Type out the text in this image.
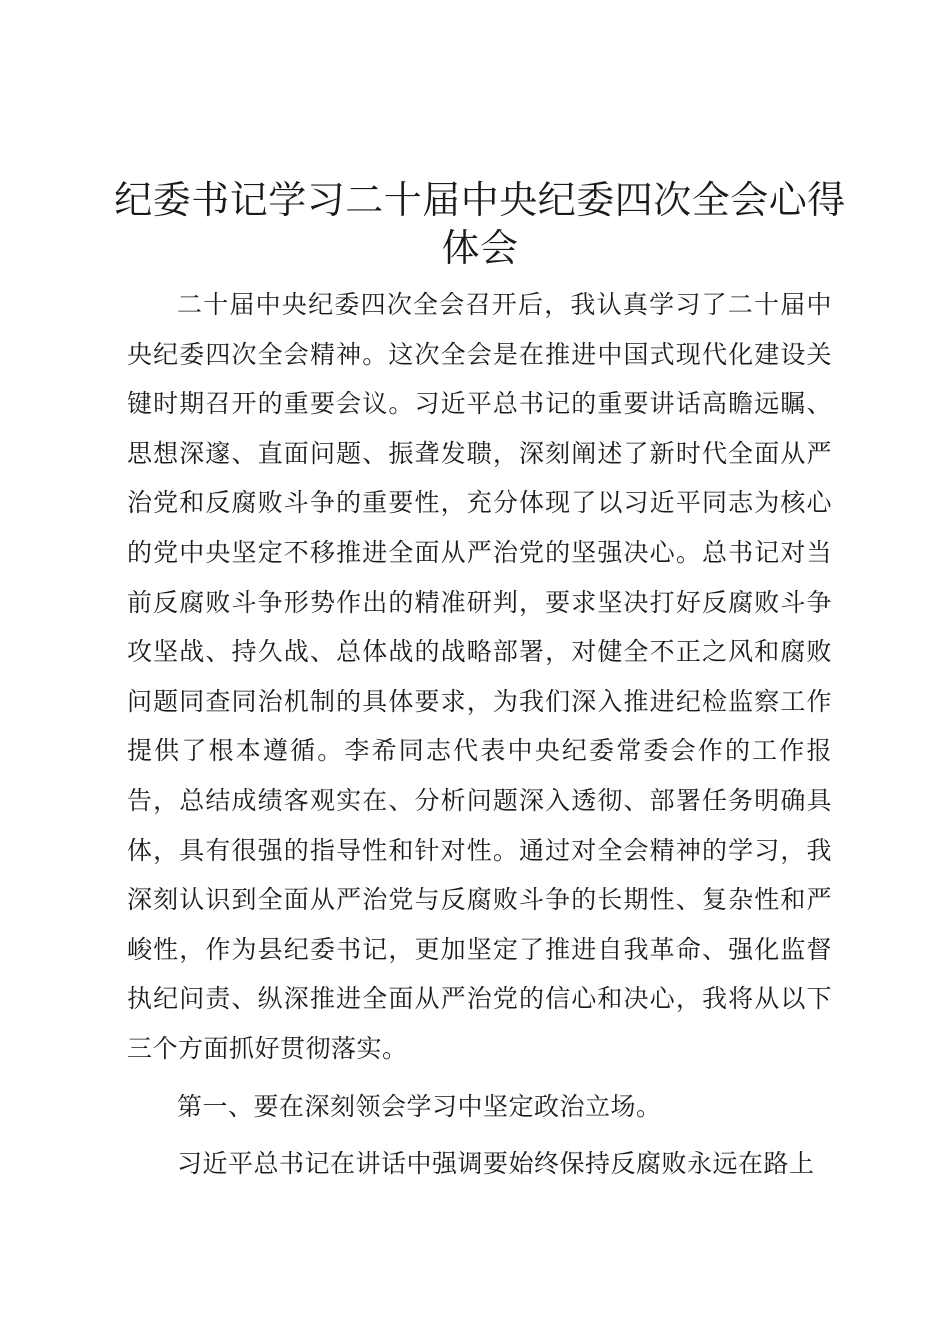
纪委书记学习二十届中央纪委四次全会心得体会

二十届中央纪委四次全会召开后，我认真学习了二十届中央纪委四次全会精神。这次全会是在推进中国式现代化建设关键时期召开的重要会议。习近平总书记的重要讲话高瞻远瞩、思想深邃、直面问题、振聋发聩，深刻阐述了新时代全面从严治党和反腐败斗争的重要性，充分体现了以习近平同志为核心的党中央坚定不移推进全面从严治党的坚强决心。总书记对当前反腐败斗争形势作出的精准研判，要求坚决打好反腐败斗争攻坚战、持久战、总体战的战略部署，对健全不正之风和腐败问题同查同治机制的具体要求，为我们深入推进纪检监察工作提供了根本遵循。李希同志代表中央纪委常委会作的工作报告，总结成绩客观实在、分析问题深入透彻、部署任务明确具体，具有很强的指导性和针对性。通过对全会精神的学习，我深刻认识到全面从严治党与反腐败斗争的长期性、复杂性和严峻性，作为县纪委书记，更加坚定了推进自我革命、强化监督执纪问责、纵深推进全面从严治党的信心和决心，我将从以下三个方面抓好贯彻落实。

第一、要在深刻领会学习中坚定政治立场。

习近平总书记在讲话中强调要始终保持反腐败永远在路上
